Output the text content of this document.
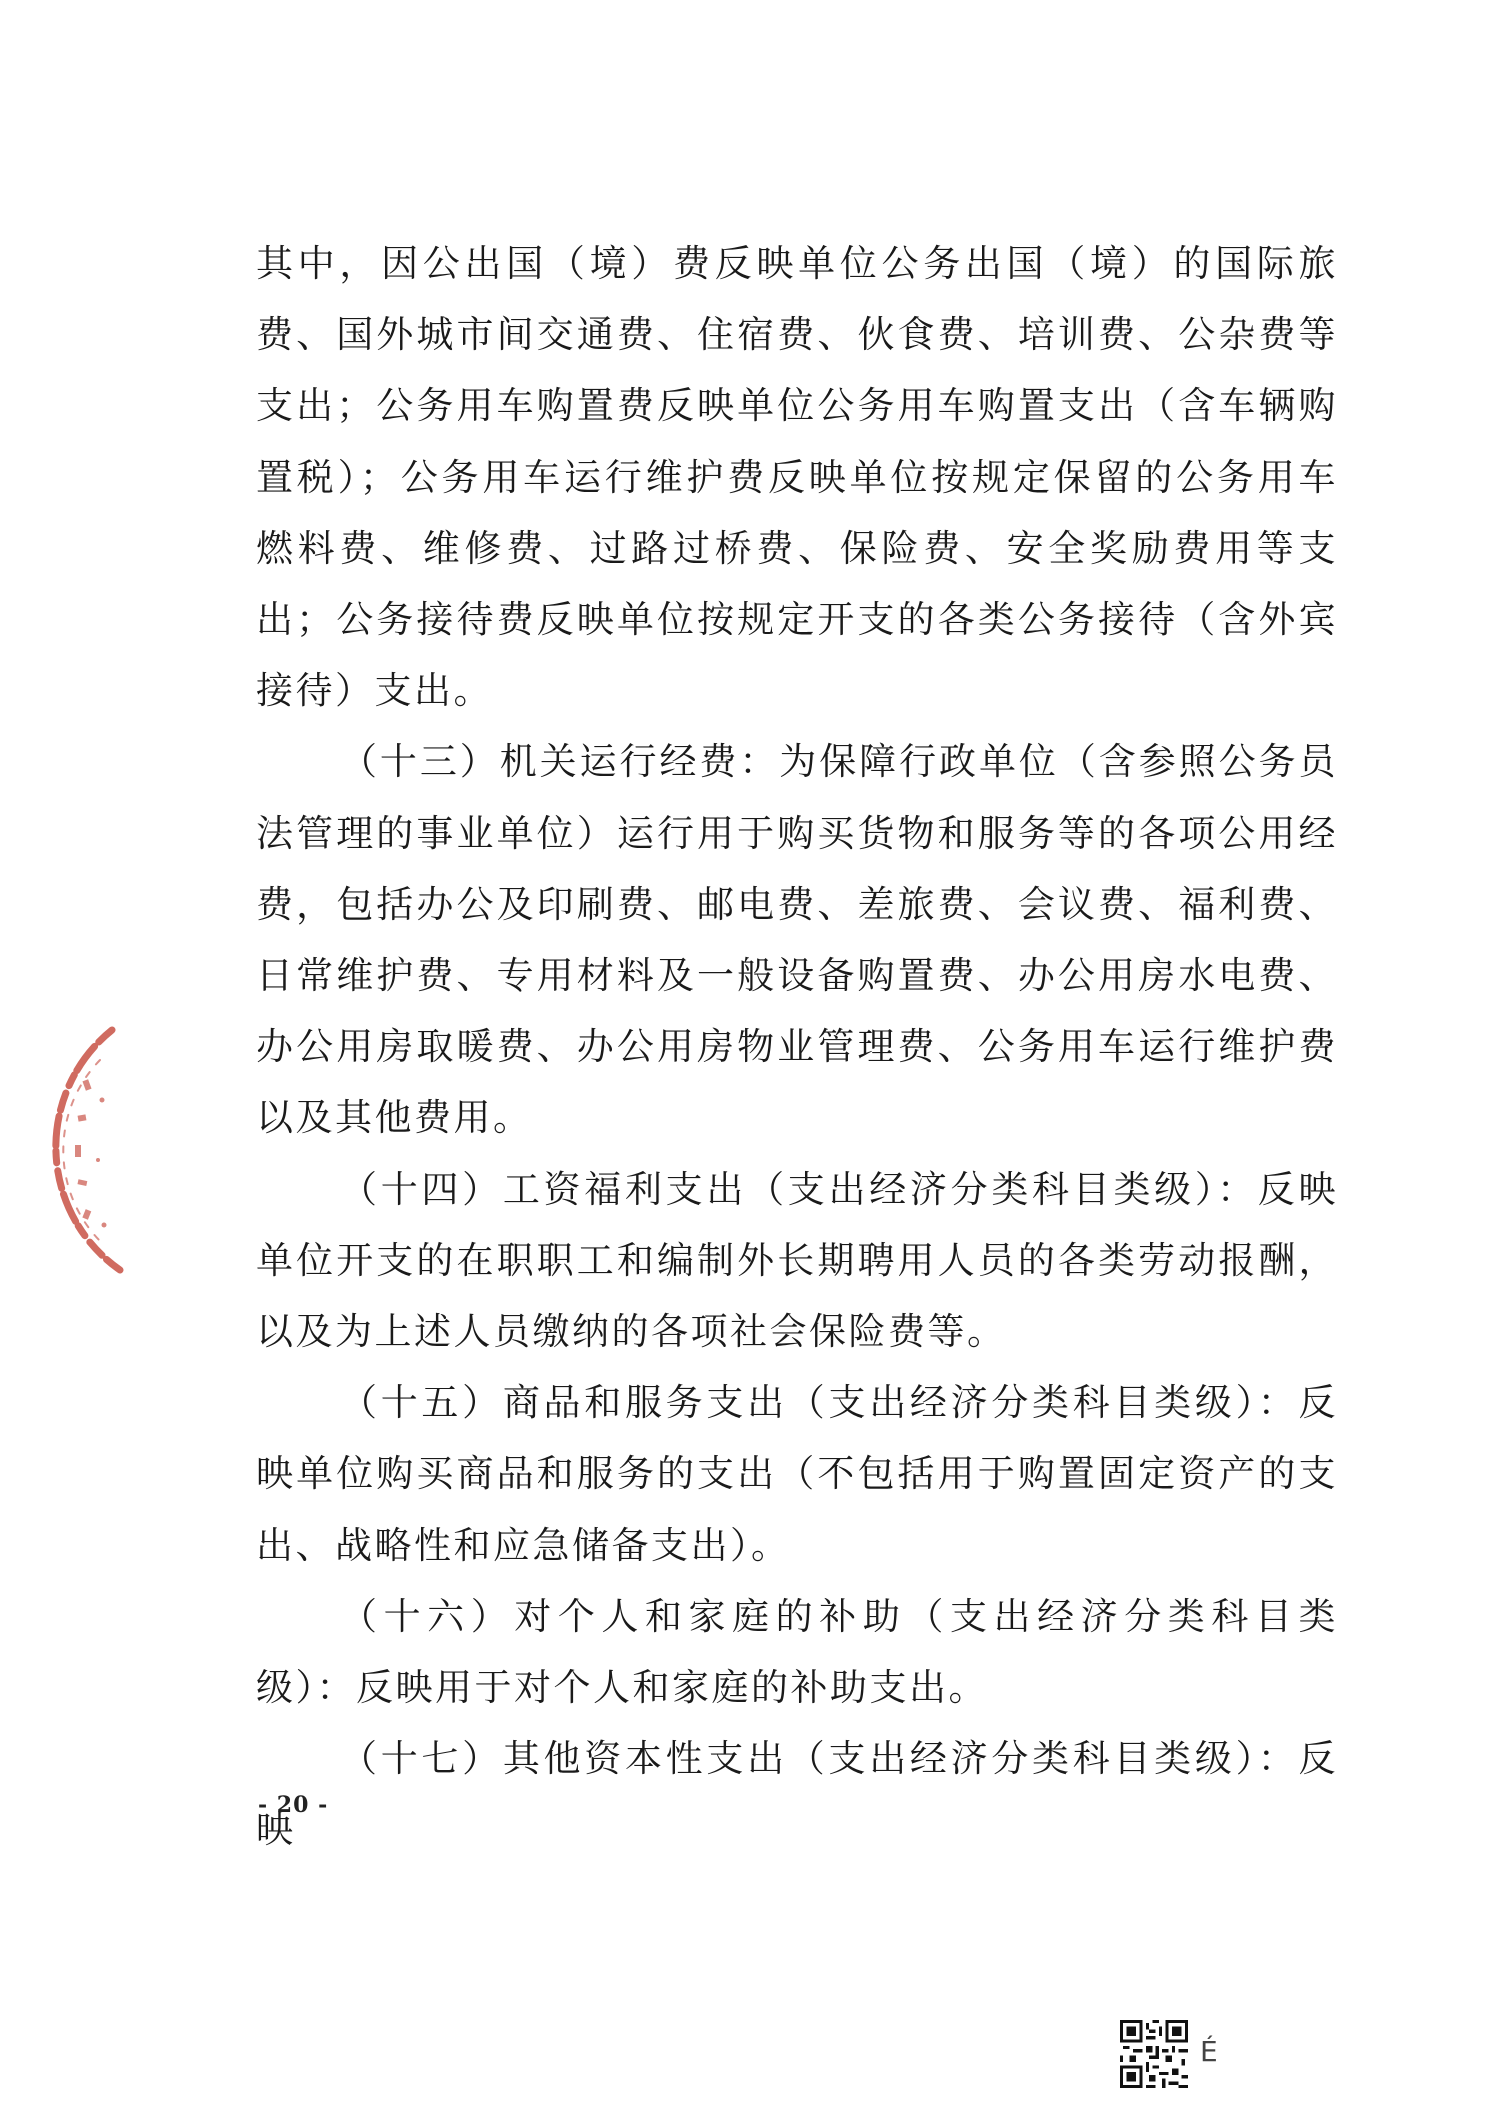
其中，因公出国（境）费反映单位公务出国（境）的国际旅费、国外城市间交通费、住宿费、伙食费、培训费、公杂费等支出；公务用车购置费反映单位公务用车购置支出（含车辆购置税）；公务用车运行维护费反映单位按规定保留的公务用车燃料费、维修费、过路过桥费、保险费、安全奖励费用等支出；公务接待费反映单位按规定开支的各类公务接待（含外宾接待）支出。

（十三）机关运行经费：为保障行政单位（含参照公务员法管理的事业单位）运行用于购买货物和服务等的各项公用经费，包括办公及印刷费、邮电费、差旅费、会议费、福利费、日常维护费、专用材料及一般设备购置费、办公用房水电费、办公用房取暖费、办公用房物业管理费、公务用车运行维护费以及其他费用。

（十四）工资福利支出（支出经济分类科目类级）：反映单位开支的在职职工和编制外长期聘用人员的各类劳动报酬，以及为上述人员缴纳的各项社会保险费等。

（十五）商品和服务支出（支出经济分类科目类级）：反映单位购买商品和服务的支出（不包括用于购置固定资产的支出、战略性和应急储备支出）。

（十六）对个人和家庭的补助（支出经济分类科目类级）：反映用于对个人和家庭的补助支出。

（十七）其他资本性支出（支出经济分类科目类级）：反映

- 20 -
É
